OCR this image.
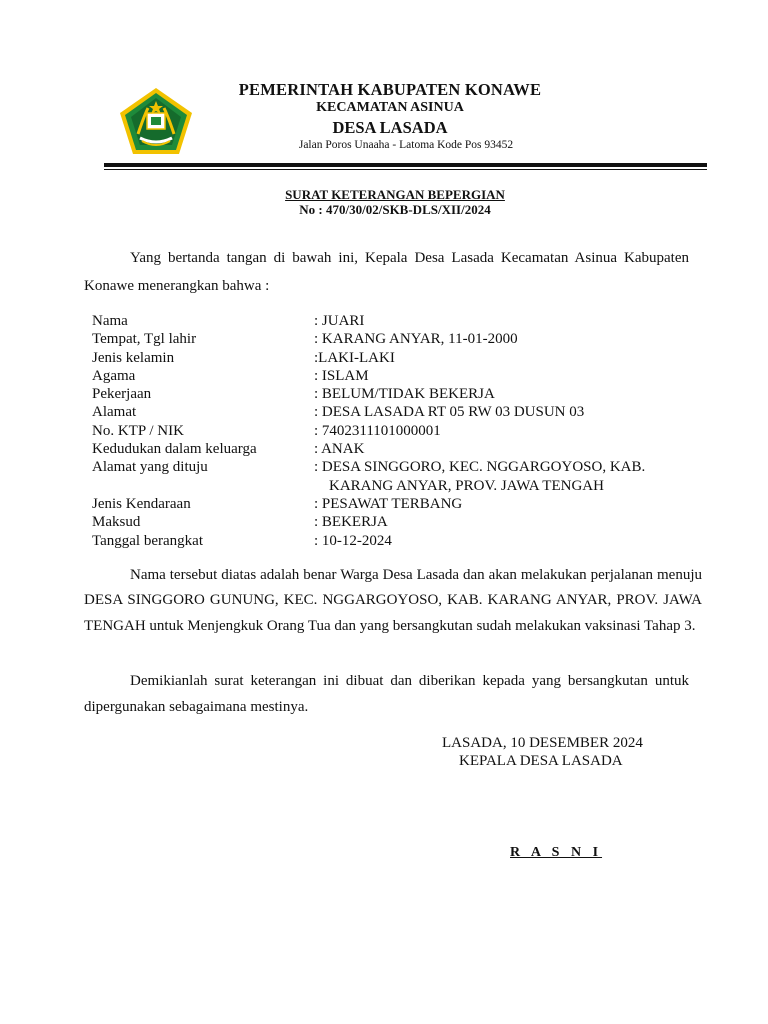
PEMERINTAH KABUPATEN KONAWE
KECAMATAN ASINUA
DESA LASADA
Jalan Poros Unaaha - Latoma Kode Pos 93452
SURAT KETERANGAN BEPERGIAN
No : 470/30/02/SKB-DLS/XII/2024
Yang bertanda tangan di bawah ini, Kepala Desa Lasada Kecamatan Asinua Kabupaten Konawe menerangkan bahwa :
Nama	: JUARI
Tempat, Tgl lahir	: KARANG ANYAR, 11-01-2000
Jenis kelamin	:LAKI-LAKI
Agama	: ISLAM
Pekerjaan	: BELUM/TIDAK BEKERJA
Alamat	: DESA LASADA RT 05 RW 03 DUSUN 03
No. KTP / NIK	: 7402311101000001
Kedudukan dalam keluarga	: ANAK
Alamat yang dituju	: DESA SINGGORO, KEC. NGGARGOYOSO, KAB.
KARANG ANYAR, PROV. JAWA TENGAH
Jenis Kendaraan	: PESAWAT TERBANG
Maksud	: BEKERJA
Tanggal berangkat	: 10-12-2024
Nama tersebut diatas adalah benar Warga Desa Lasada dan akan melakukan perjalanan menuju DESA SINGGORO GUNUNG, KEC. NGGARGOYOSO, KAB. KARANG ANYAR, PROV. JAWA TENGAH untuk Menjengkuk Orang Tua dan yang bersangkutan sudah melakukan vaksinasi Tahap 3.
Demikianlah surat keterangan ini dibuat dan diberikan kepada yang bersangkutan untuk dipergunakan sebagaimana mestinya.
LASADA, 10 DESEMBER 2024
KEPALA DESA LASADA
R A S N I
